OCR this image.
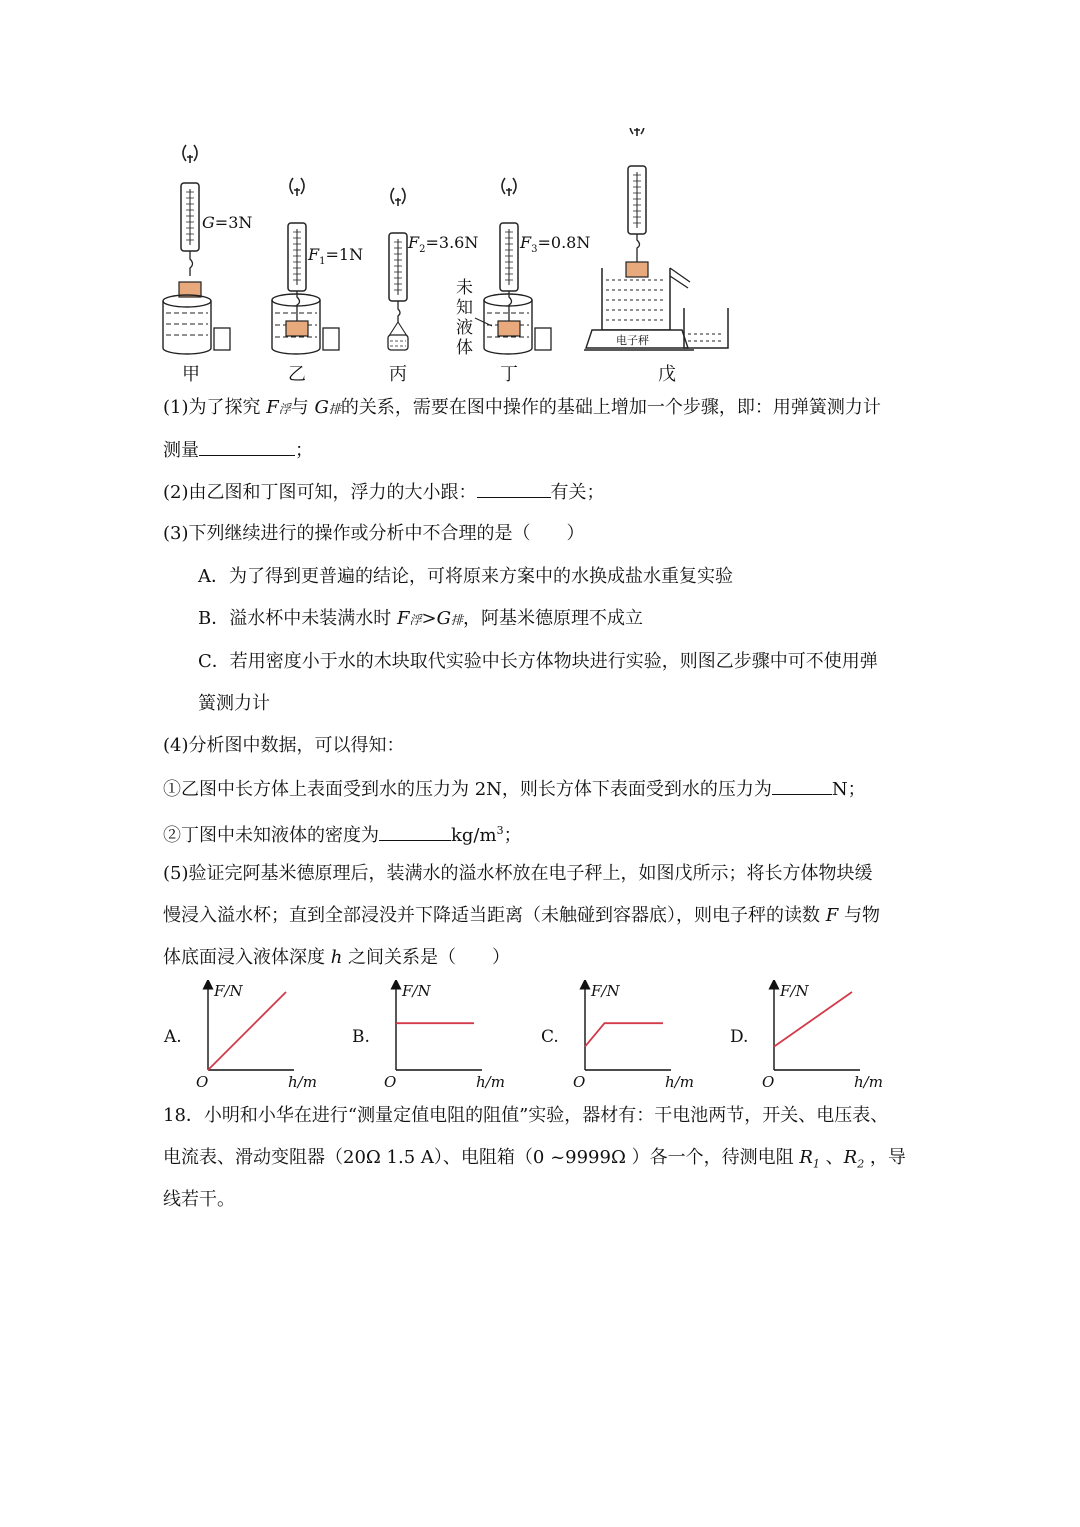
G=3N
$F_1=1N$
$F_2=3.6N$	$F_3=0.8N$
未
知
液
体	电子秤
甲	乙	丙	丁	戊
(1)为了探究 F浮与 G排的关系，需要在图中操作的基础上增加一个步骤，即：用弹簧测力计
测量	；
(2)由乙图和丁图可知，浮力的大小跟：	有关；
(3)下列继续进行的操作或分析中不合理的是（　　）
A．为了得到更普遍的结论，可将原来方案中的水换成盐水重复实验
B．溢水杯中未装满水时 F浮>G排，阿基米德原理不成立
C．若用密度小于水的木块取代实验中长方体物块进行实验，则图乙步骤中可不使用弹
簧测力计
(4)分析图中数据，可以得知：
①乙图中长方体上表面受到水的压力为 2N，则长方体下表面受到水的压力为	N；
②丁图中未知液体的密度为	$kg/m^3$；
(5)验证完阿基米德原理后，装满水的溢水杯放在电子秤上，如图戊所示；将长方体物块缓
慢浸入溢水杯；直到全部浸没并下降适当距离（未触碰到容器底），则电子秤的读数 F 与物
体底面浸入液体深度 h 之间关系是（　　）
A.
F/N
h/m
O
B.
F/N
h/m
O
C.
F/N
h/m
O
D.
F/N
h/m
O
18．小明和小华在进行“测量定值电阻的阻值”实验，器材有：干电池两节，开关、电压表、
电流表、滑动变阻器（20Ω 1.5 A）、电阻箱（0 ~9999Ω ）各一个，待测电阻 $R_1$ 、$R_2$ ，导
线若干。
